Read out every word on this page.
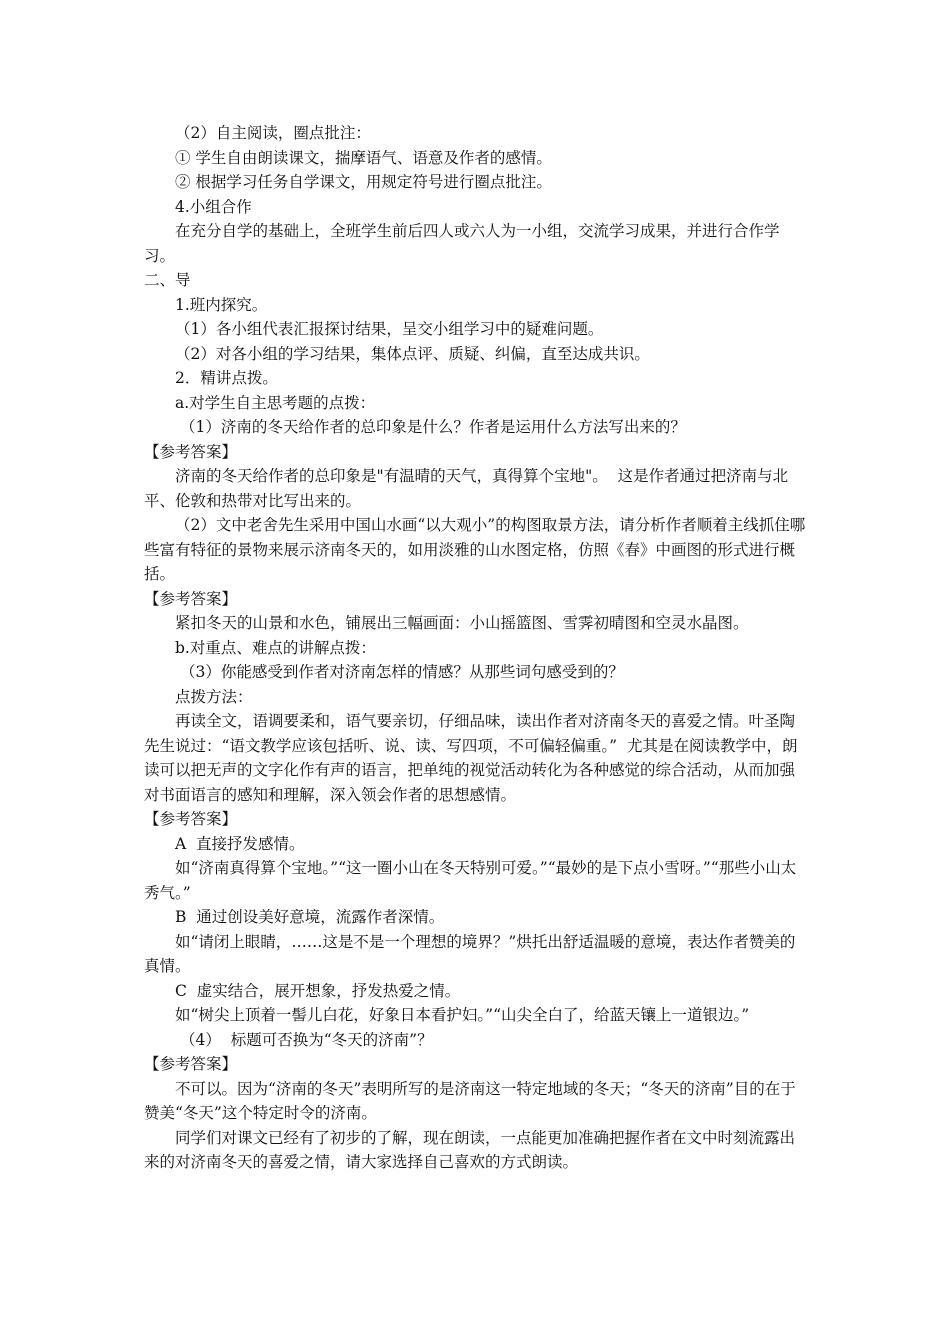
（2）自主阅读，圈点批注：
① 学生自由朗读课文，揣摩语气、语意及作者的感情。
② 根据学习任务自学课文，用规定符号进行圈点批注。
4.小组合作
在充分自学的基础上，全班学生前后四人或六人为一小组，交流学习成果，并进行合作学习。
二、导
1.班内探究。
（1）各小组代表汇报探讨结果，呈交小组学习中的疑难问题。
（2）对各小组的学习结果，集体点评、质疑、纠偏，直至达成共识。
2．精讲点拨。
a.对学生自主思考题的点拨：
（1）济南的冬天给作者的总印象是什么？作者是运用什么方法写出来的？
【参考答案】
济南的冬天给作者的总印象是"有温晴的天气，真得算个宝地"。  这是作者通过把济南与北平、伦敦和热带对比写出来的。
（2）文中老舍先生采用中国山水画“以大观小”的构图取景方法，请分析作者顺着主线抓住哪些富有特征的景物来展示济南冬天的，如用淡雅的山水图定格，仿照《春》中画图的形式进行概括。
【参考答案】
紧扣冬天的山景和水色，铺展出三幅画面：小山摇篮图、雪霁初晴图和空灵水晶图。
b.对重点、难点的讲解点拨：
（3）你能感受到作者对济南怎样的情感？从那些词句感受到的？
点拨方法：
再读全文，语调要柔和，语气要亲切，仔细品味，读出作者对济南冬天的喜爱之情。叶圣陶先生说过：“语文教学应该包括听、说、读、写四项，不可偏轻偏重。”  尤其是在阅读教学中，朗读可以把无声的文字化作有声的语言，把单纯的视觉活动转化为各种感觉的综合活动，从而加强对书面语言的感知和理解，深入领会作者的思想感情。
【参考答案】
A  直接抒发感情。
如“济南真得算个宝地。”“这一圈小山在冬天特别可爱。”“最妙的是下点小雪呀。”“那些小山太秀气。”
B  通过创设美好意境，流露作者深情。
如“请闭上眼睛，……这是不是一个理想的境界？”烘托出舒适温暖的意境，表达作者赞美的真情。
C  虚实结合，展开想象，抒发热爱之情。
如“树尖上顶着一髻儿白花，好象日本看护妇。”“山尖全白了，给蓝天镶上一道银边。”
（4）  标题可否换为“冬天的济南”？
【参考答案】
不可以。因为“济南的冬天”表明所写的是济南这一特定地域的冬天；“冬天的济南”目的在于赞美“冬天”这个特定时令的济南。
同学们对课文已经有了初步的了解，现在朗读，一点能更加准确把握作者在文中时刻流露出来的对济南冬天的喜爱之情，请大家选择自己喜欢的方式朗读。
